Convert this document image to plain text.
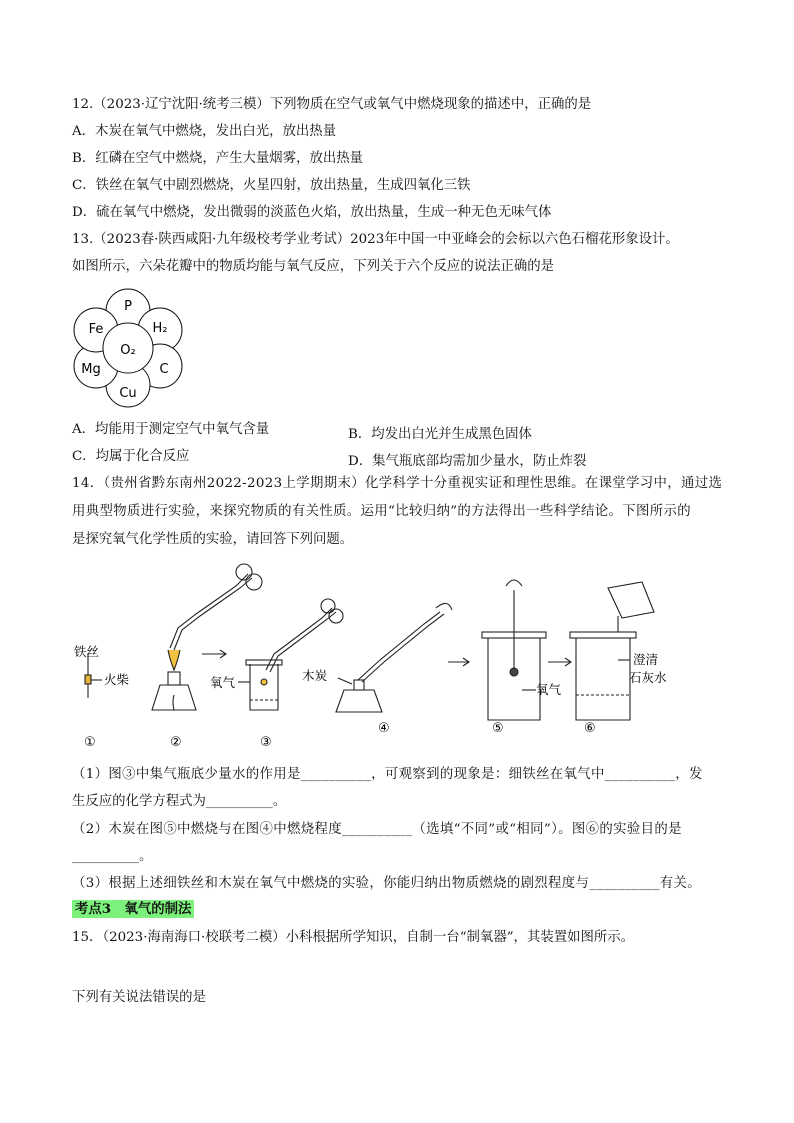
12.（2023·辽宁沈阳·统考三模）下列物质在空气或氧气中燃烧现象的描述中，正确的是
A．木炭在氧气中燃烧，发出白光，放出热量
B．红磷在空气中燃烧，产生大量烟雾，放出热量
C．铁丝在氧气中剧烈燃烧，火星四射，放出热量，生成四氧化三铁
D．硫在氧气中燃烧，发出微弱的淡蓝色火焰，放出热量，生成一种无色无味气体
13.（2023春·陕西咸阳·九年级校考学业考试）2023年中国一中亚峰会的会标以六色石榴花形象设计。
如图所示，六朵花瓣中的物质均能与氧气反应，下列关于六个反应的说法正确的是
O₂
P
H₂
C
Cu
Mg
Fe
A．均能用于测定空气中氧气含量	B．均发出白光并生成黑色固体
C．均属于化合反应	D．集气瓶底部均需加少量水，防止炸裂
14．（贵州省黔东南州2022-2023上学期期末）化学科学十分重视实证和理性思维。在课堂学习中，通过选
用典型物质进行实验，来探究物质的有关性质。运用“比较归纳”的方法得出一些科学结论。下图所示的
是探究氧气化学性质的实验，请回答下列问题。
铁丝
火柴	氧气	木炭
氧气
澄清
石灰水
①	②	③
④	⑤	⑥
（1）图③中集气瓶底少量水的作用是__________，可观察到的现象是：细铁丝在氧气中__________，发
生反应的化学方程式为__________。
（2）木炭在图⑤中燃烧与在图④中燃烧程度__________（选填“不同”或“相同”）。图⑥的实验目的是
__________。
（3）根据上述细铁丝和木炭在氧气中燃烧的实验，你能归纳出物质燃烧的剧烈程度与__________有关。
考点3　氧气的制法
15．（2023·海南海口·校联考二模）小科根据所学知识，自制一台“制氧器”，其装置如图所示。
下列有关说法错误的是
